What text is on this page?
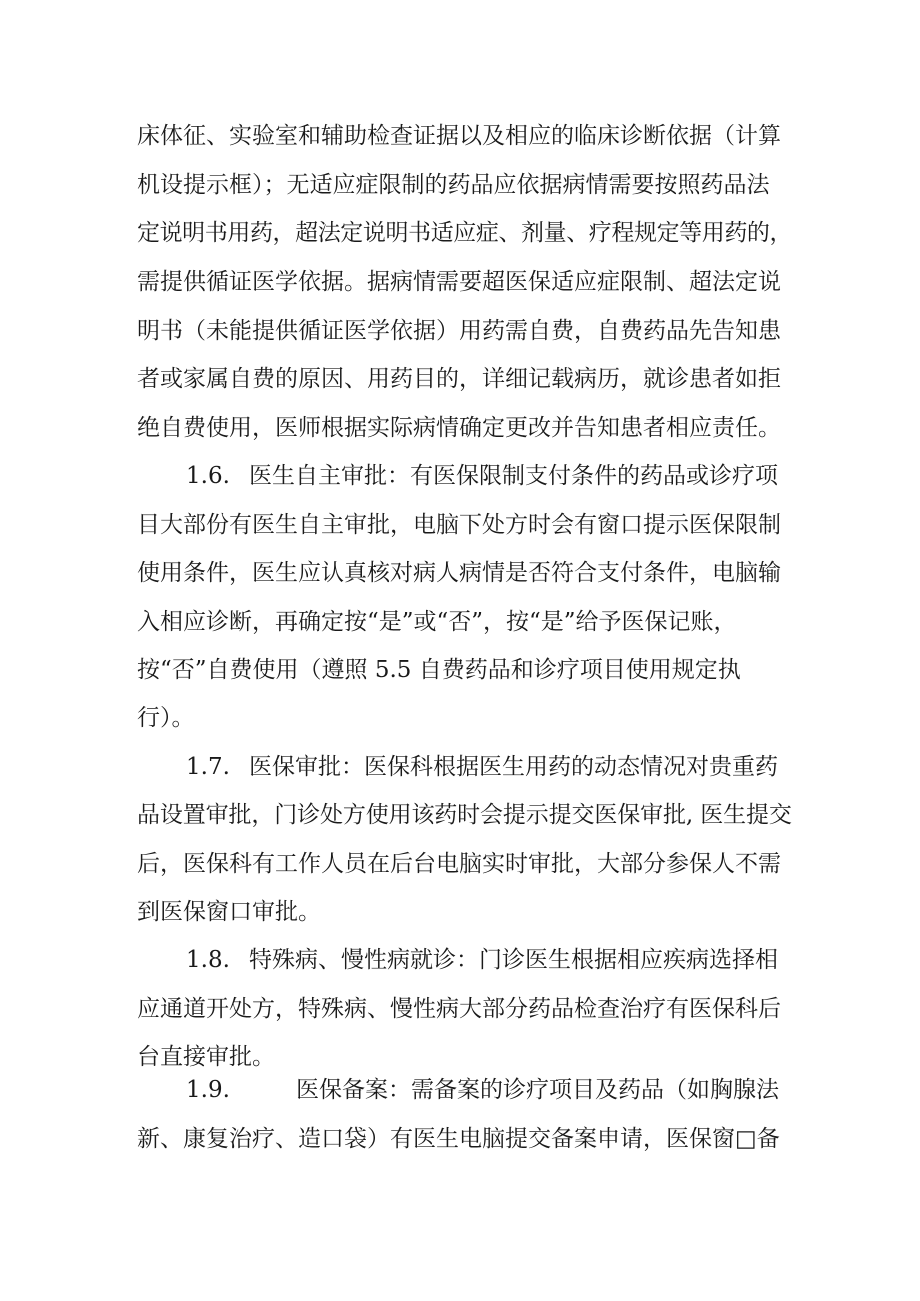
床体征、实验室和辅助检查证据以及相应的临床诊断依据（计算
机设提示框）；无适应症限制的药品应依据病情需要按照药品法
定说明书用药，超法定说明书适应症、剂量、疗程规定等用药的，
需提供循证医学依据。据病情需要超医保适应症限制、超法定说
明书（未能提供循证医学依据）用药需自费，自费药品先告知患
者或家属自费的原因、用药目的，详细记载病历，就诊患者如拒
绝自费使用，医师根据实际病情确定更改并告知患者相应责任。
1.6. 医生自主审批：有医保限制支付条件的药品或诊疗项
目大部份有医生自主审批，电脑下处方时会有窗口提示医保限制
使用条件，医生应认真核对病人病情是否符合支付条件，电脑输
入相应诊断，再确定按“是”或“否”，按“是”给予医保记账，
按“否”自费使用（遵照 5.5 自费药品和诊疗项目使用规定执
行）。
1.7. 医保审批：医保科根据医生用药的动态情况对贵重药
品设置审批，门诊处方使用该药时会提示提交医保审批, 医生提交
后，医保科有工作人员在后台电脑实时审批，大部分参保人不需
到医保窗口审批。
1.8. 特殊病、慢性病就诊：门诊医生根据相应疾病选择相
应通道开处方，特殊病、慢性病大部分药品检查治疗有医保科后
台直接审批。
1.9.	医保备案：需备案的诊疗项目及药品（如胸腺法
新、康复治疗、造口袋）有医生电脑提交备案申请，医保窗□备
